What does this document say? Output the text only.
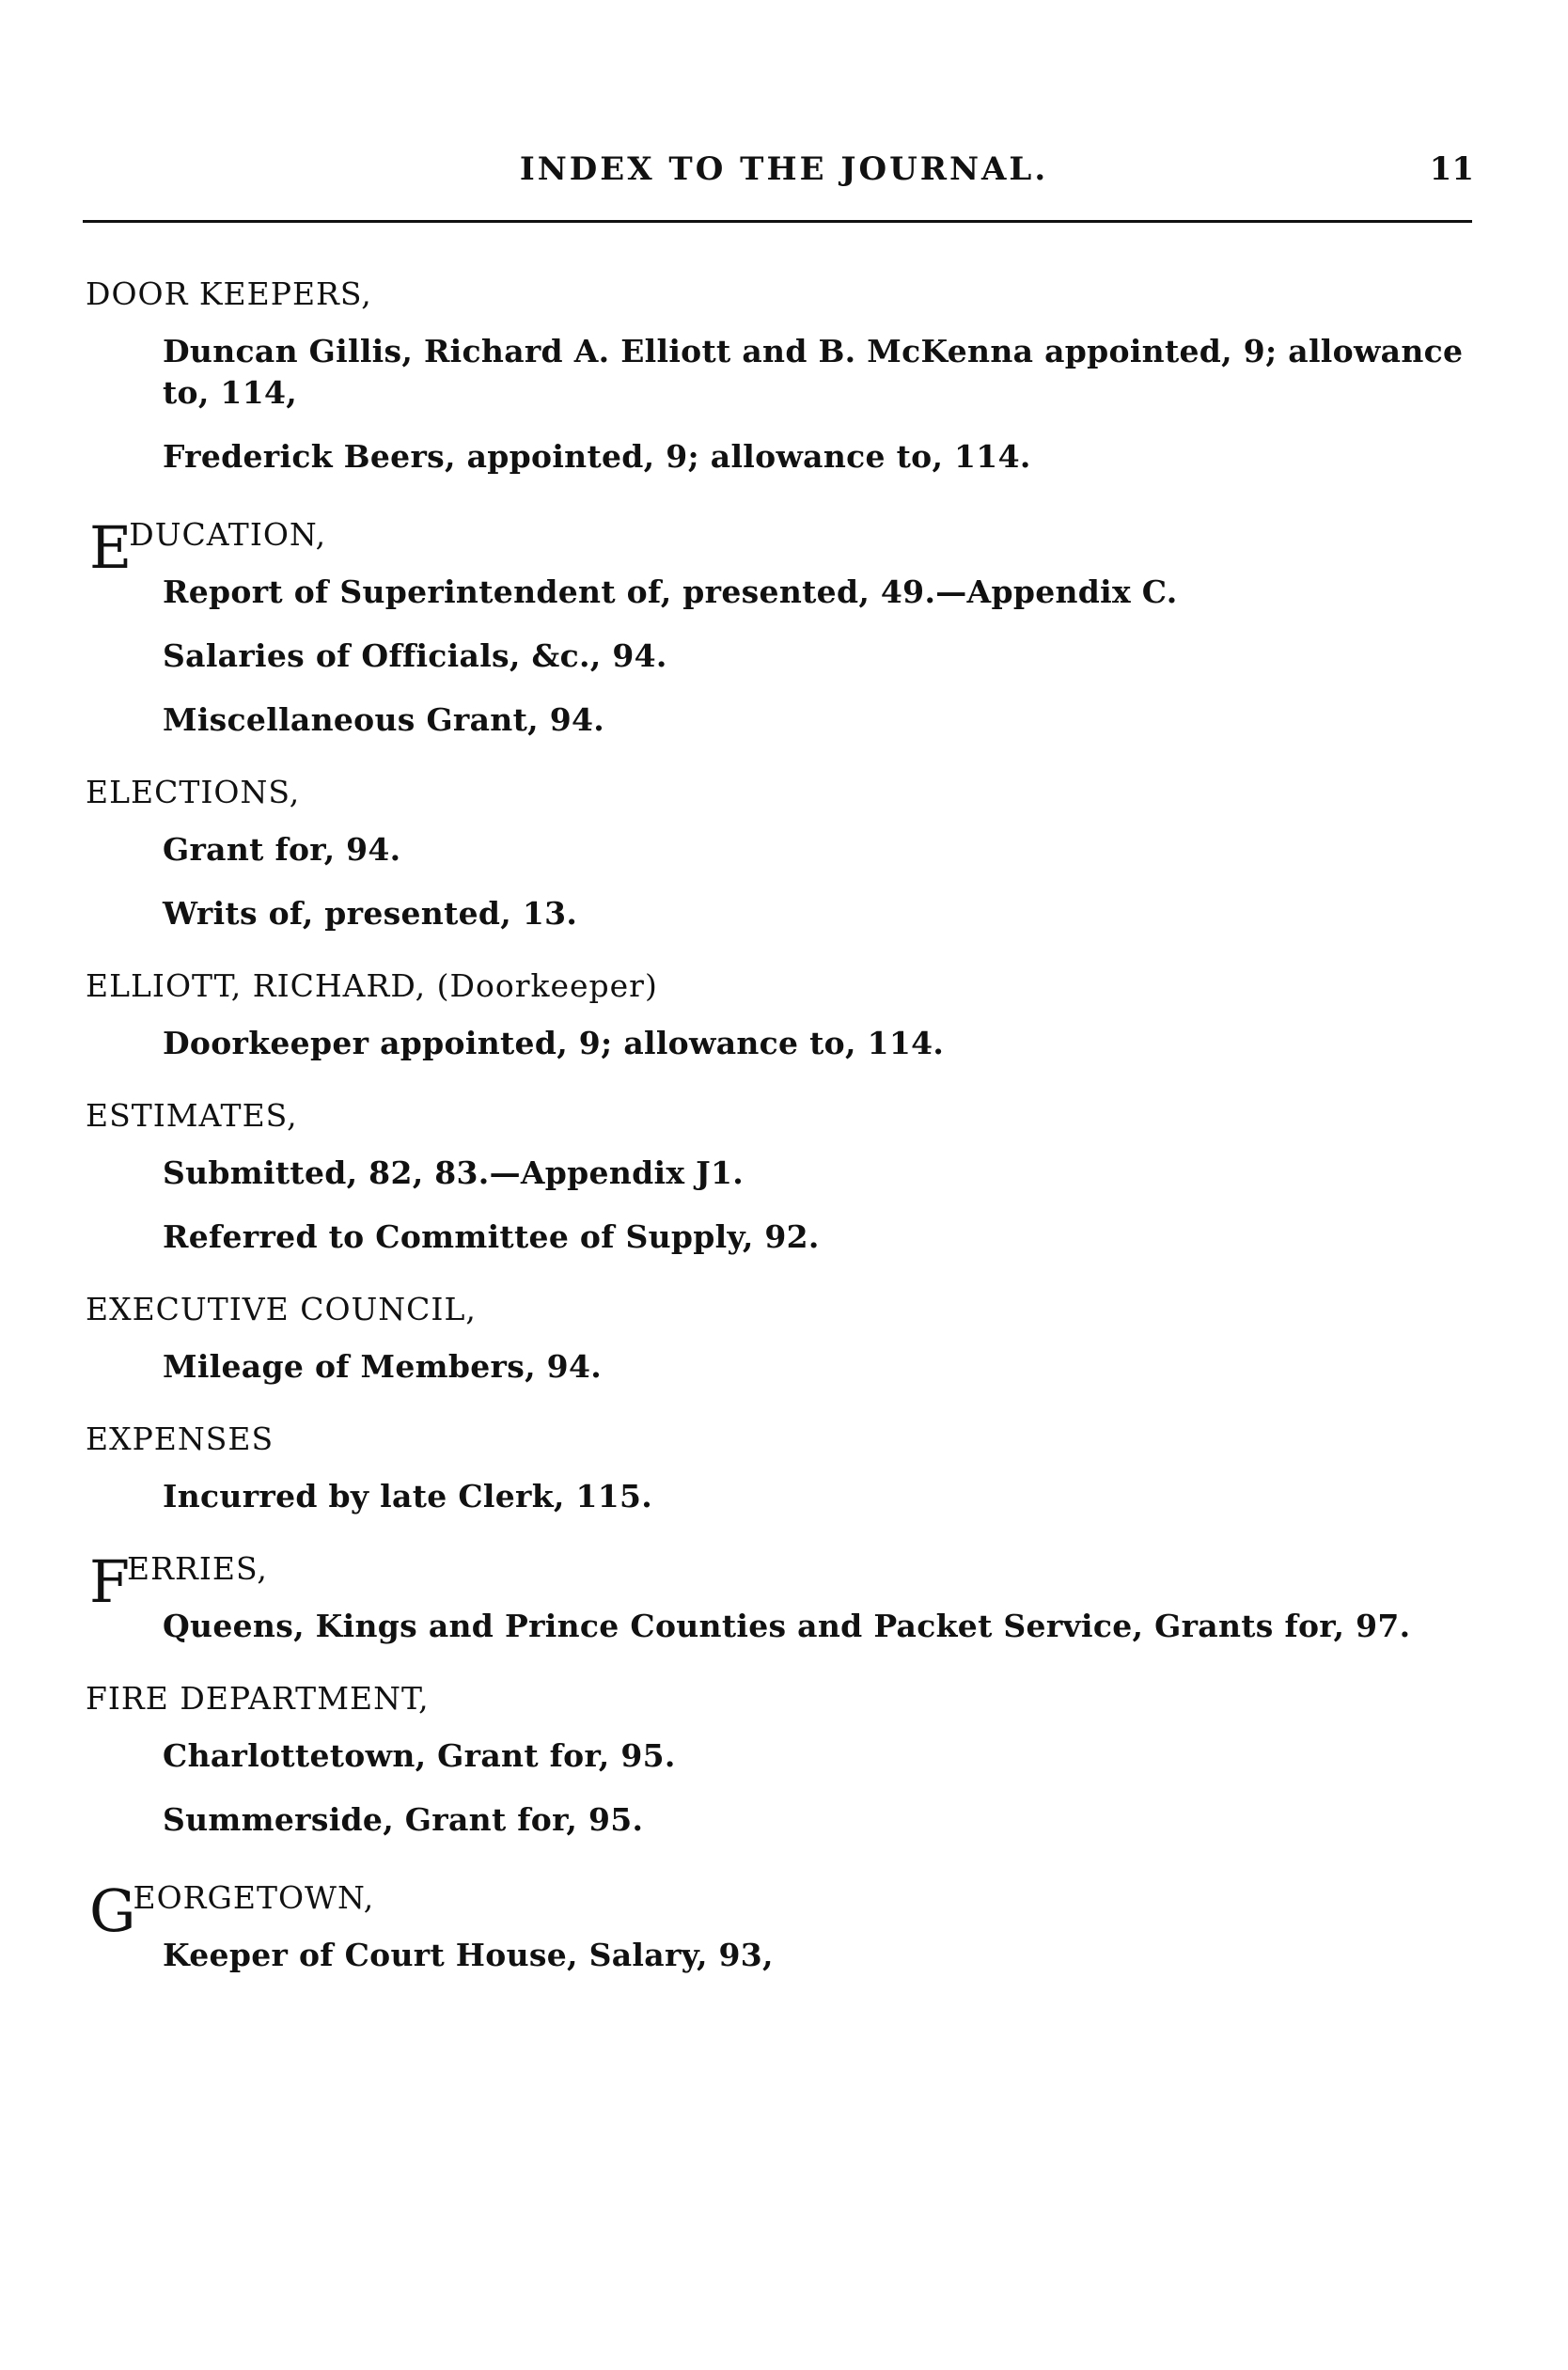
INDEX TO THE JOURNAL.	11
DOOR KEEPERS,
Duncan Gillis, Richard A. Elliott and B. McKenna appointed, 9; allowance to, 114,
Frederick Beers, appointed, 9; allowance to, 114.
EDUCATION,
Report of Superintendent of, presented, 49.—Appendix C.
Salaries of Officials, &c., 94.
Miscellaneous Grant, 94.
ELECTIONS,
Grant for, 94.
Writs of, presented, 13.
ELLIOTT, RICHARD, (Doorkeeper)
Doorkeeper appointed, 9; allowance to, 114.
ESTIMATES,
Submitted, 82, 83.—Appendix J1.
Referred to Committee of Supply, 92.
EXECUTIVE COUNCIL,
Mileage of Members, 94.
EXPENSES
Incurred by late Clerk, 115.
FERRIES,
Queens, Kings and Prince Counties and Packet Service, Grants for, 97.
FIRE DEPARTMENT,
Charlottetown, Grant for, 95.
Summerside, Grant for, 95.
GEORGETOWN,
Keeper of Court House, Salary, 93,
